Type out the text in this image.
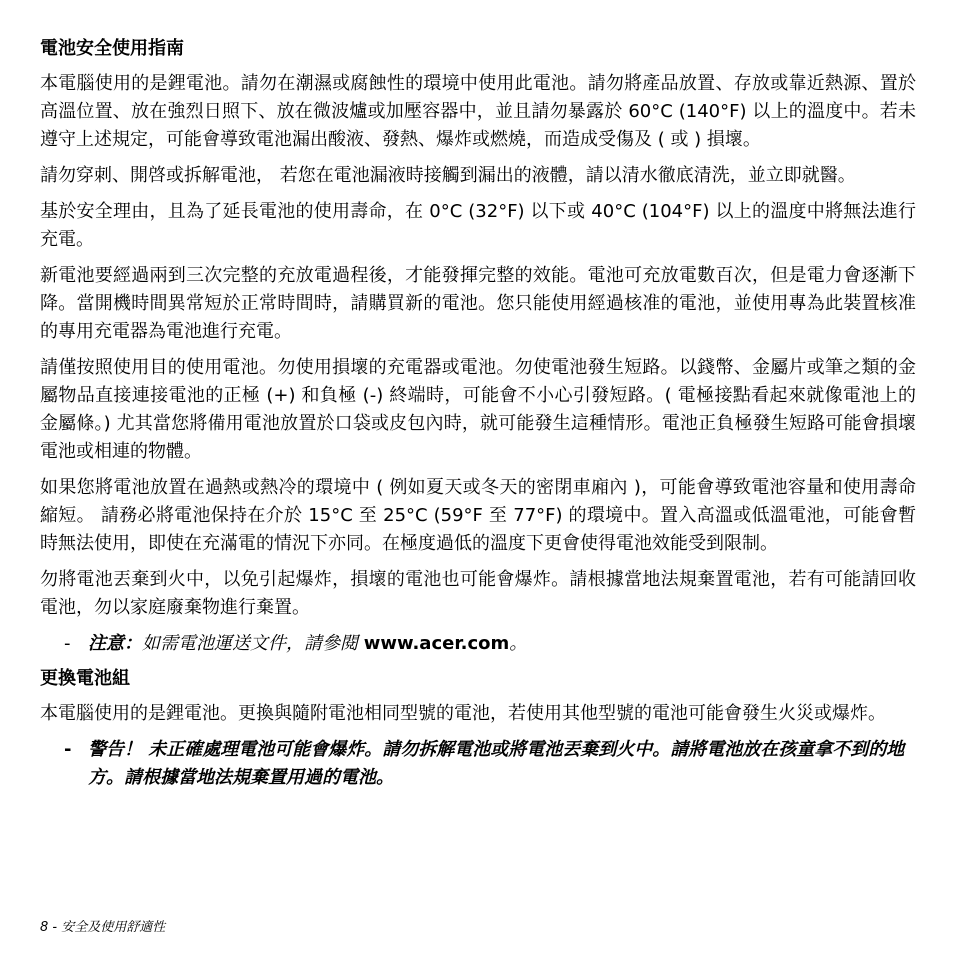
電池安全使用指南

本電腦使用的是鋰電池。請勿在潮濕或腐蝕性的環境中使用此電池。請勿將產品放置、存放或靠近熱源、置於高溫位置、放在強烈日照下、放在微波爐或加壓容器中，並且請勿暴露於 60°C (140°F) 以上的溫度中。若未遵守上述規定，可能會導致電池漏出酸液、發熱、爆炸或燃燒，而造成受傷及 ( 或 ) 損壞。

請勿穿刺、開啓或拆解電池， 若您在電池漏液時接觸到漏出的液體，請以清水徹底清洗，並立即就醫。

基於安全理由，且為了延長電池的使用壽命，在 0°C (32°F) 以下或 40°C (104°F) 以上的溫度中將無法進行充電。

新電池要經過兩到三次完整的充放電過程後，才能發揮完整的效能。電池可充放電數百次，但是電力會逐漸下降。當開機時間異常短於正常時間時，請購買新的電池。您只能使用經過核准的電池，並使用專為此裝置核准的專用充電器為電池進行充電。

請僅按照使用目的使用電池。勿使用損壞的充電器或電池。勿使電池發生短路。以錢幣、金屬片或筆之類的金屬物品直接連接電池的正極 (+) 和負極 (-) 終端時，可能會不小心引發短路。( 電極接點看起來就像電池上的金屬條。) 尤其當您將備用電池放置於口袋或皮包內時，就可能發生這種情形。電池正負極發生短路可能會損壞電池或相連的物體。

如果您將電池放置在過熱或熱冷的環境中 ( 例如夏天或冬天的密閉車廂內 )，可能會導致電池容量和使用壽命縮短。 請務必將電池保持在介於 15°C 至 25°C (59°F 至 77°F) 的環境中。置入高溫或低溫電池，可能會暫時無法使用，即使在充滿電的情況下亦同。在極度過低的溫度下更會使得電池效能受到限制。

勿將電池丟棄到火中，以免引起爆炸，損壞的電池也可能會爆炸。請根據當地法規棄置電池，若有可能請回收電池，勿以家庭廢棄物進行棄置。

- 注意：如需電池運送文件，請參閱 www.acer.com。
更換電池組

本電腦使用的是鋰電池。更換與隨附電池相同型號的電池，若使用其他型號的電池可能會發生火災或爆炸。

- 警告！ 未正確處理電池可能會爆炸。請勿拆解電池或將電池丟棄到火中。請將電池放在孩童拿不到的地方。請根據當地法規棄置用過的電池。
8 - 安全及使用舒適性
